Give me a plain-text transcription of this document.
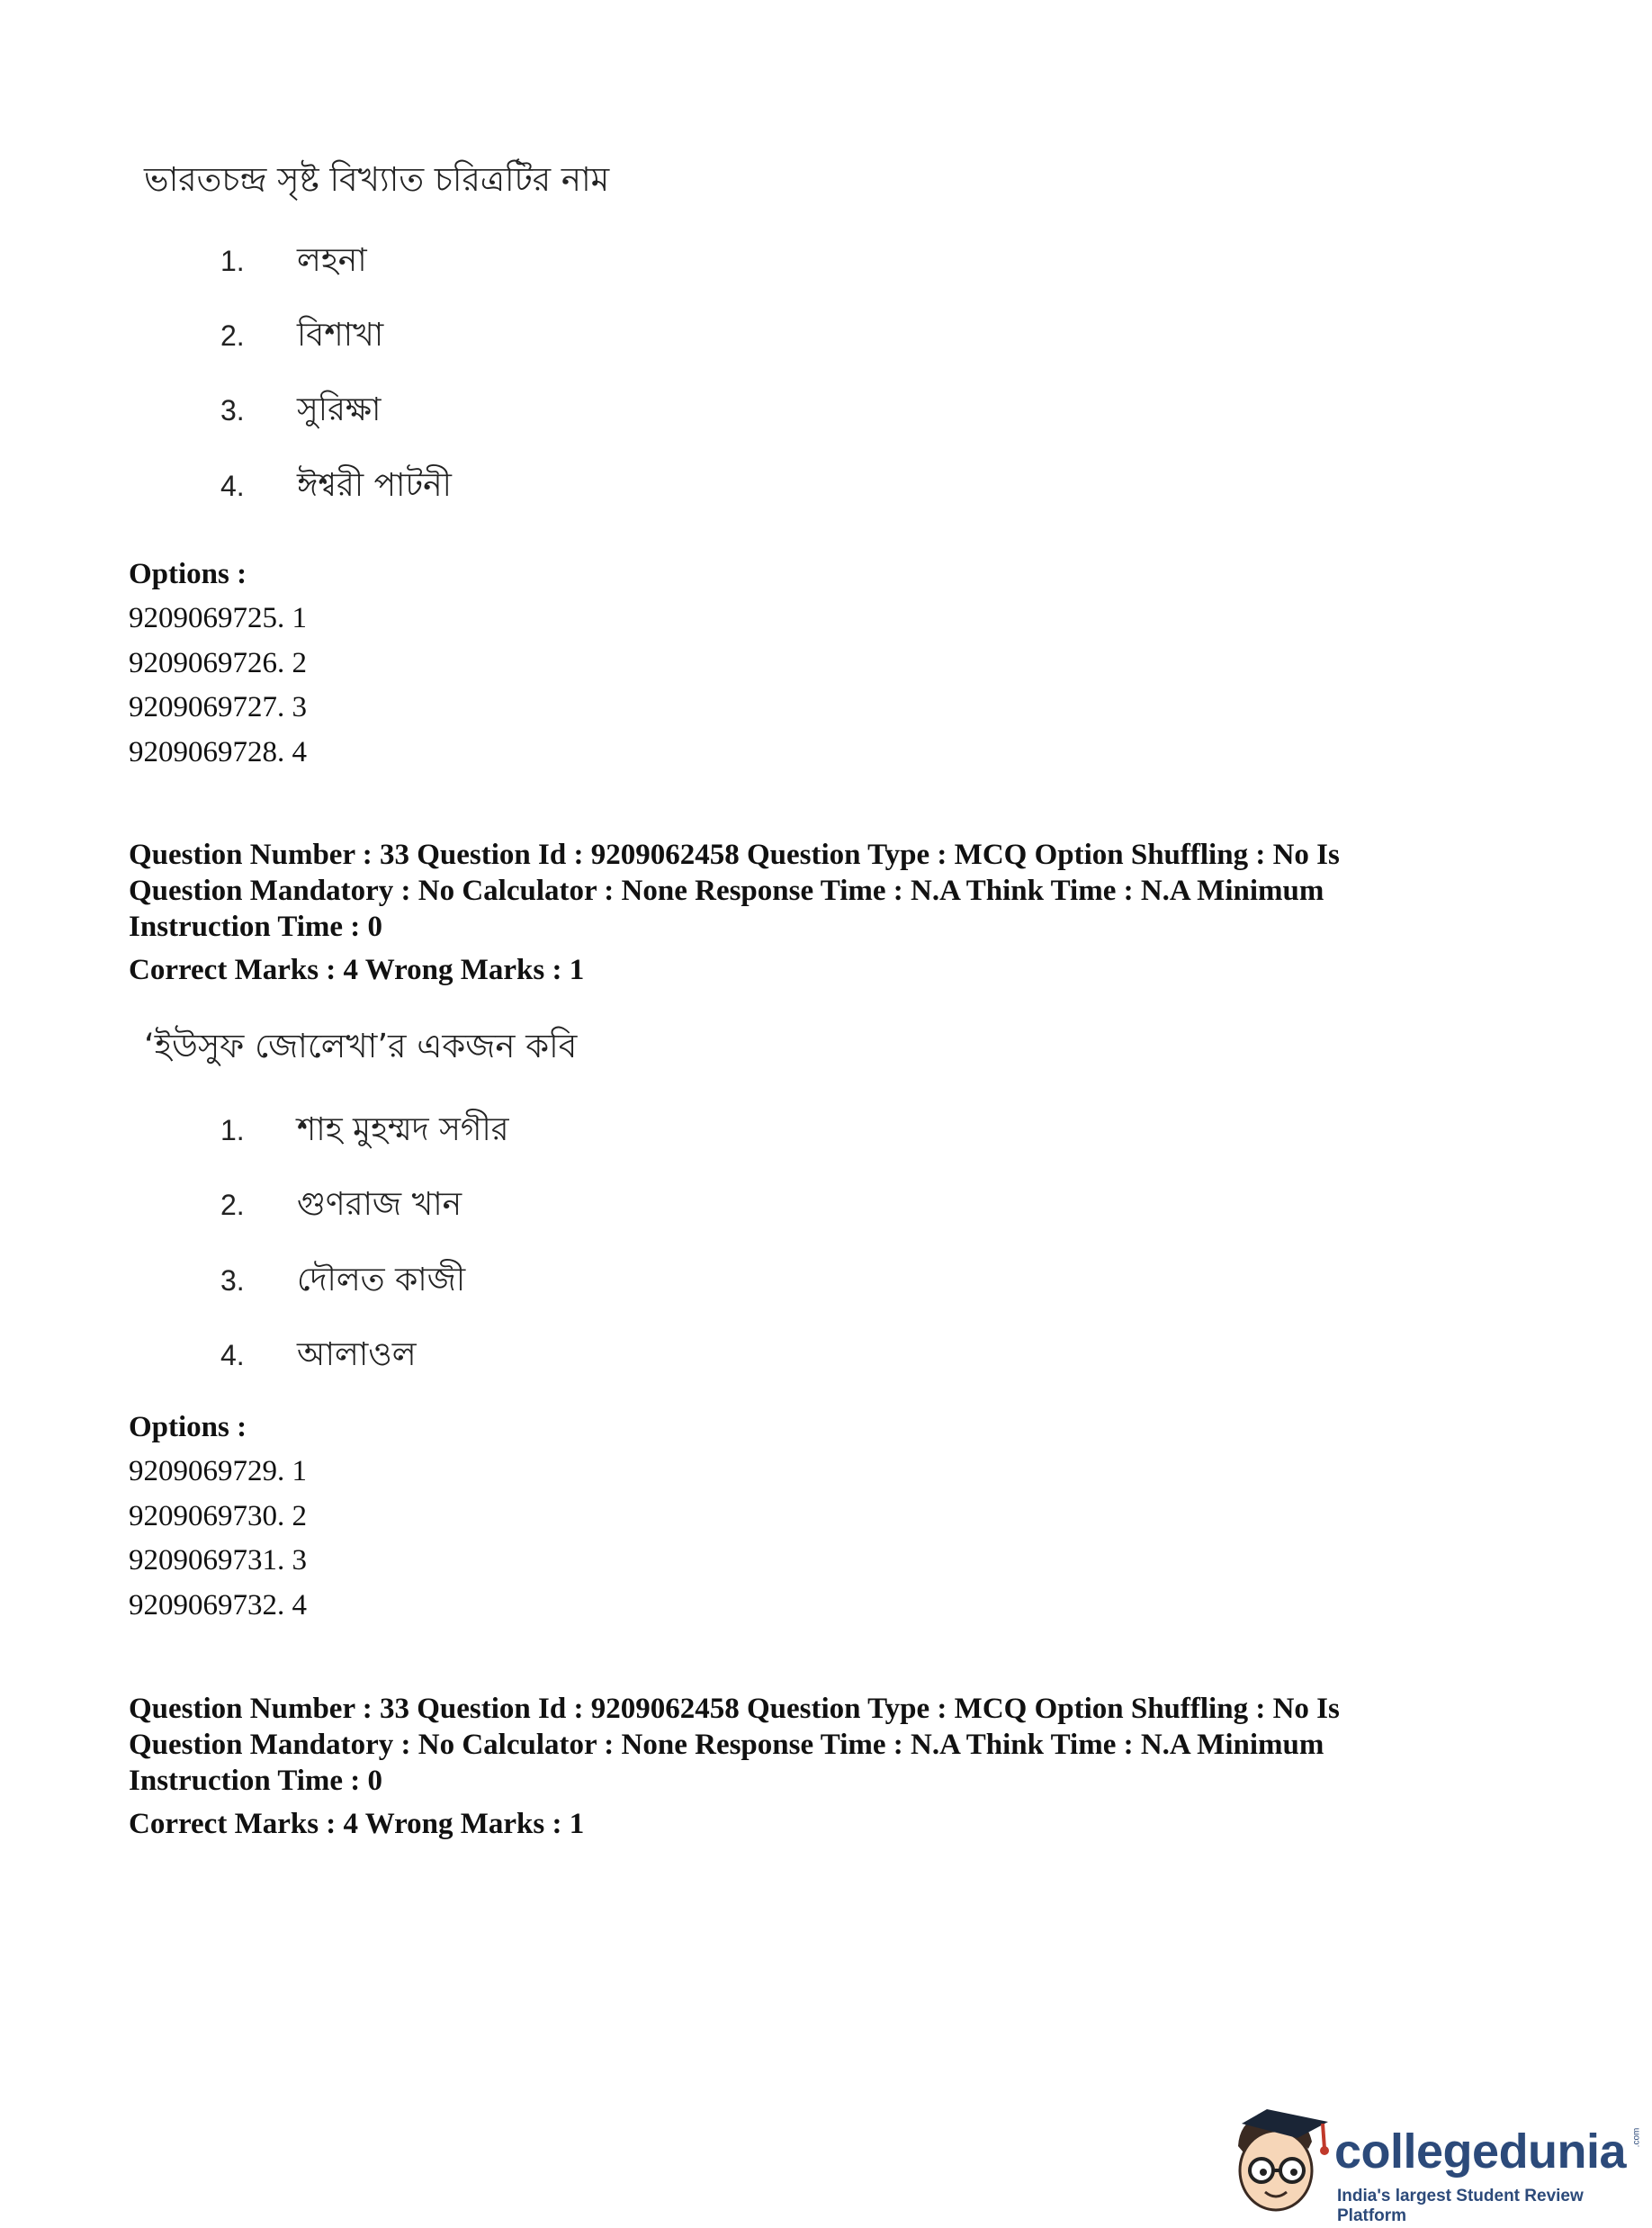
ভারতচন্দ্র সৃষ্ট বিখ্যাত চরিত্রটির নাম
1.	লহনা
2.	বিশাখা
3.	সুরিক্ষা
4.	ঈশ্বরী পাটনী
Options :
9209069725. 1
9209069726. 2
9209069727. 3
9209069728. 4
Question Number : 33 Question Id : 9209062458 Question Type : MCQ Option Shuffling : No Is
Question Mandatory : No Calculator : None Response Time : N.A Think Time : N.A Minimum
Instruction Time : 0
Correct Marks : 4 Wrong Marks : 1
‘ইউসুফ জোলেখা’র একজন কবি
1.	শাহ মুহম্মদ সগীর
2.	গুণরাজ খান
3.	দৌলত কাজী
4.	আলাওল
Options :
9209069729. 1
9209069730. 2
9209069731. 3
9209069732. 4
Question Number : 33 Question Id : 9209062458 Question Type : MCQ Option Shuffling : No Is
Question Mandatory : No Calculator : None Response Time : N.A Think Time : N.A Minimum
Instruction Time : 0
Correct Marks : 4 Wrong Marks : 1
collegedunia .com
India's largest Student Review Platform
